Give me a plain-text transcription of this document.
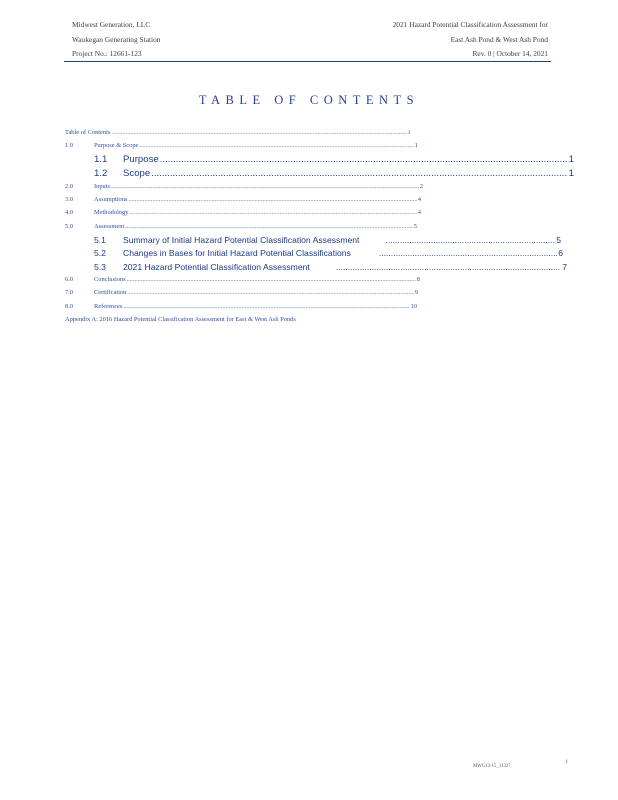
Midwest Generation, LLC
Waukegan Generating Station
Project No.: 12661-123
2021 Hazard Potential Classification Assessment for
East Ash Pond & West Ash Pond
Rev. 0 | October 14, 2021
TABLE OF CONTENTS
Table of Contents .....	i
1.0	Purpose & Scope .....	1
1.1	Purpose .....	1
1.2	Scope .....	1
2.0	Inputs .....	2
3.0	Assumptions .....	4
4.0	Methodology .....	4
5.0	Assessment .....	5
5.1	Summary of Initial Hazard Potential Classification Assessment .....	5
5.2	Changes in Bases for Initial Hazard Potential Classifications .....	6
5.3	2021 Hazard Potential Classification Assessment .....	7
6.0	Conclusions .....	8
7.0	Certification .....	9
8.0	References .....	10
Appendix A: 2016 Hazard Potential Classification Assessment for East & West Ash Ponds
MWG13-15_11327
i
